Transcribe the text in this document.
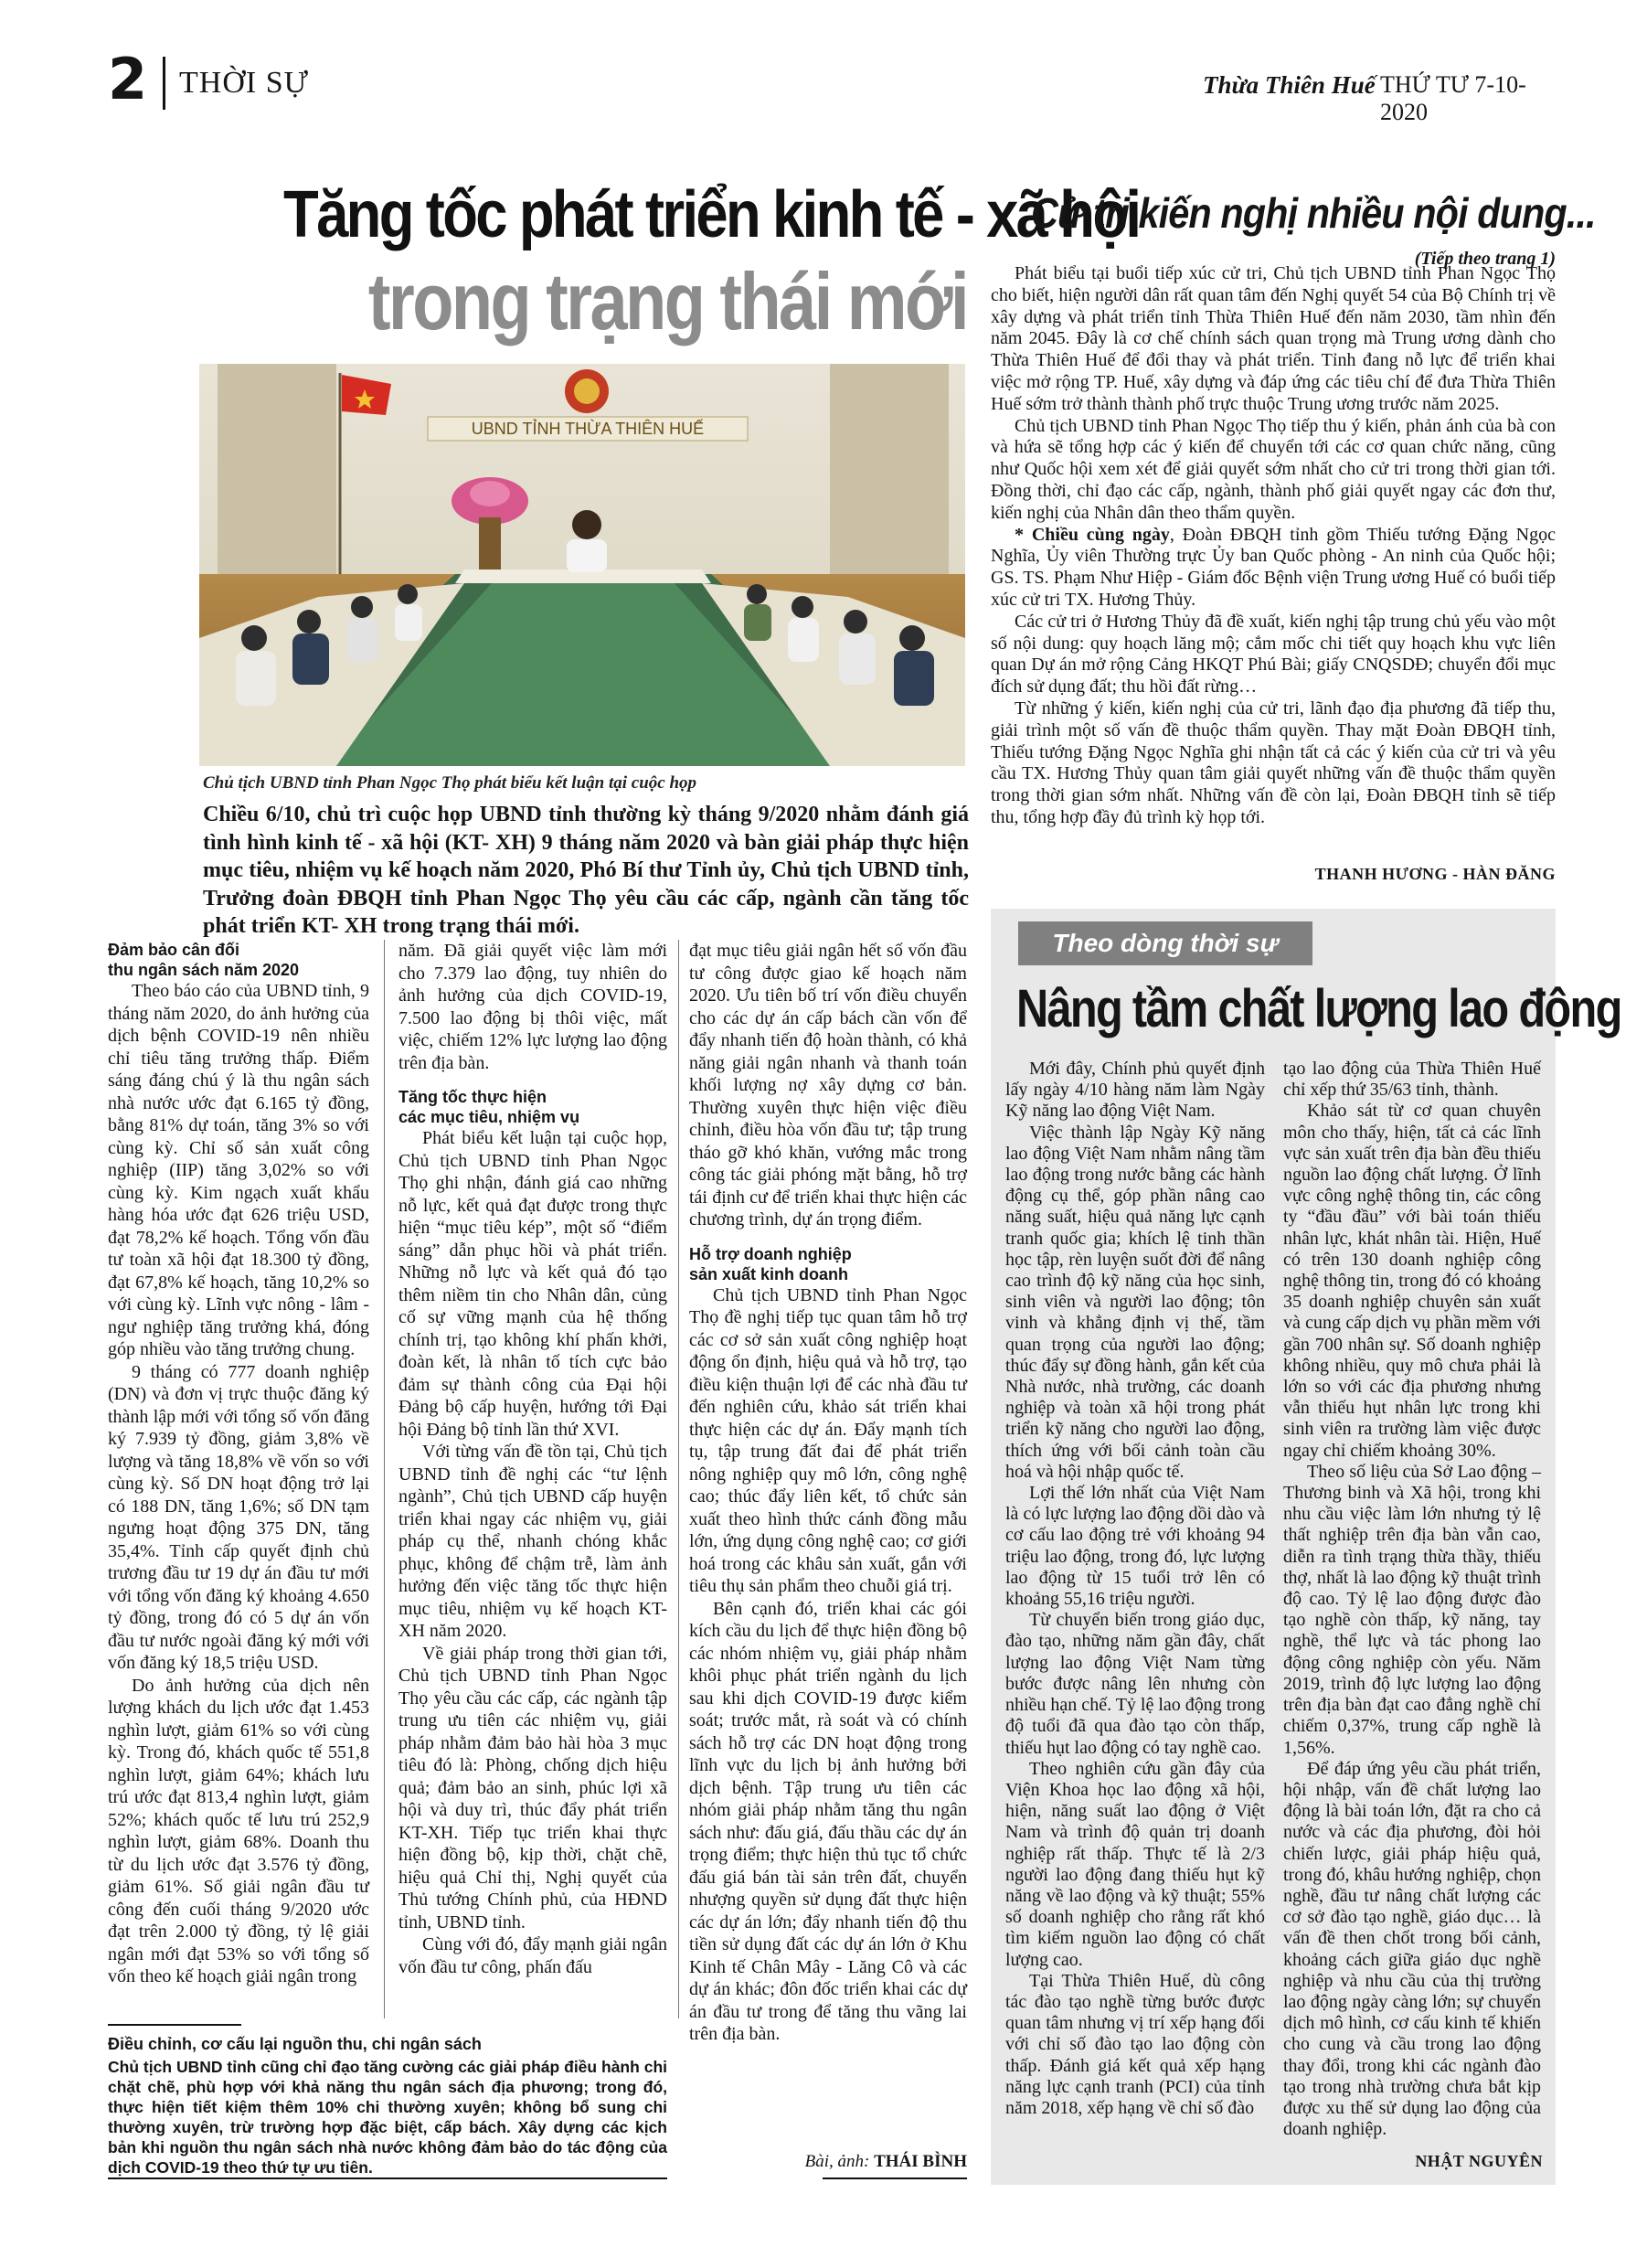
2 THỜI SỰ	Thừa Thiên Huế THỨ TƯ 7-10-2020
Tăng tốc phát triển kinh tế - xã hội
trong trạng thái mới
UBND TỈNH THỪA THIÊN HUẾ
Chủ tịch UBND tỉnh Phan Ngọc Thọ phát biểu kết luận tại cuộc họp

Chiều 6/10, chủ trì cuộc họp UBND tỉnh thường kỳ tháng 9/2020 nhằm đánh giá tình hình kinh tế - xã hội (KT- XH) 9 tháng năm 2020 và bàn giải pháp thực hiện mục tiêu, nhiệm vụ kế hoạch năm 2020, Phó Bí thư Tỉnh ủy, Chủ tịch UBND tỉnh, Trưởng đoàn ĐBQH tỉnh Phan Ngọc Thọ yêu cầu các cấp, ngành cần tăng tốc phát triển KT- XH trong trạng thái mới.

Đảm bảo cân đối

thu ngân sách năm 2020

Theo báo cáo của UBND tỉnh, 9 tháng năm 2020, do ảnh hưởng của dịch bệnh COVID-19 nên nhiều chỉ tiêu tăng trưởng thấp. Điểm sáng đáng chú ý là thu ngân sách nhà nước ước đạt 6.165 tỷ đồng, bằng 81% dự toán, tăng 3% so với cùng kỳ. Chỉ số sản xuất công nghiệp (IIP) tăng 3,02% so với cùng kỳ. Kim ngạch xuất khẩu hàng hóa ước đạt 626 triệu USD, đạt 78,2% kế hoạch. Tổng vốn đầu tư toàn xã hội đạt 18.300 tỷ đồng, đạt 67,8% kế hoạch, tăng 10,2% so với cùng kỳ. Lĩnh vực nông - lâm - ngư nghiệp tăng trưởng khá, đóng góp nhiều vào tăng trưởng chung.

9 tháng có 777 doanh nghiệp (DN) và đơn vị trực thuộc đăng ký thành lập mới với tổng số vốn đăng ký 7.939 tỷ đồng, giảm 3,8% về lượng và tăng 18,8% về vốn so với cùng kỳ. Số DN hoạt động trở lại có 188 DN, tăng 1,6%; số DN tạm ngưng hoạt động 375 DN, tăng 35,4%. Tỉnh cấp quyết định chủ trương đầu tư 19 dự án đầu tư mới với tổng vốn đăng ký khoảng 4.650 tỷ đồng, trong đó có 5 dự án vốn đầu tư nước ngoài đăng ký mới với vốn đăng ký 18,5 triệu USD.

Do ảnh hưởng của dịch nên lượng khách du lịch ước đạt 1.453 nghìn lượt, giảm 61% so với cùng kỳ. Trong đó, khách quốc tế 551,8 nghìn lượt, giảm 64%; khách lưu trú ước đạt 813,4 nghìn lượt, giảm 52%; khách quốc tế lưu trú 252,9 nghìn lượt, giảm 68%. Doanh thu từ du lịch ước đạt 3.576 tỷ đồng, giảm 61%. Số giải ngân đầu tư công đến cuối tháng 9/2020 ước đạt trên 2.000 tỷ đồng, tỷ lệ giải ngân mới đạt 53% so với tổng số vốn theo kế hoạch giải ngân trong

năm. Đã giải quyết việc làm mới cho 7.379 lao động, tuy nhiên do ảnh hưởng của dịch COVID-19, 7.500 lao động bị thôi việc, mất việc, chiếm 12% lực lượng lao động trên địa bàn.

Tăng tốc thực hiện

các mục tiêu, nhiệm vụ

Phát biểu kết luận tại cuộc họp, Chủ tịch UBND tỉnh Phan Ngọc Thọ ghi nhận, đánh giá cao những nỗ lực, kết quả đạt được trong thực hiện “mục tiêu kép”, một số “điểm sáng” dẫn phục hồi và phát triển. Những nỗ lực và kết quả đó tạo thêm niềm tin cho Nhân dân, củng cố sự vững mạnh của hệ thống chính trị, tạo không khí phấn khởi, đoàn kết, là nhân tố tích cực bảo đảm sự thành công của Đại hội Đảng bộ cấp huyện, hướng tới Đại hội Đảng bộ tỉnh lần thứ XVI.

Với từng vấn đề tồn tại, Chủ tịch UBND tỉnh đề nghị các “tư lệnh ngành”, Chủ tịch UBND cấp huyện triển khai ngay các nhiệm vụ, giải pháp cụ thể, nhanh chóng khắc phục, không để chậm trễ, làm ảnh hưởng đến việc tăng tốc thực hiện mục tiêu, nhiệm vụ kế hoạch KT-XH năm 2020.

Về giải pháp trong thời gian tới, Chủ tịch UBND tỉnh Phan Ngọc Thọ yêu cầu các cấp, các ngành tập trung ưu tiên các nhiệm vụ, giải pháp nhằm đảm bảo hài hòa 3 mục tiêu đó là: Phòng, chống dịch hiệu quả; đảm bảo an sinh, phúc lợi xã hội và duy trì, thúc đẩy phát triển KT-XH. Tiếp tục triển khai thực hiện đồng bộ, kịp thời, chặt chẽ, hiệu quả Chỉ thị, Nghị quyết của Thủ tướng Chính phủ, của HĐND tỉnh, UBND tỉnh.

Cùng với đó, đẩy mạnh giải ngân vốn đầu tư công, phấn đấu

đạt mục tiêu giải ngân hết số vốn đầu tư công được giao kế hoạch năm 2020. Ưu tiên bố trí vốn điều chuyển cho các dự án cấp bách cần vốn để đẩy nhanh tiến độ hoàn thành, có khả năng giải ngân nhanh và thanh toán khối lượng nợ xây dựng cơ bản. Thường xuyên thực hiện việc điều chỉnh, điều hòa vốn đầu tư; tập trung tháo gỡ khó khăn, vướng mắc trong công tác giải phóng mặt bằng, hỗ trợ tái định cư để triển khai thực hiện các chương trình, dự án trọng điểm.

Hỗ trợ doanh nghiệp

sản xuất kinh doanh

Chủ tịch UBND tỉnh Phan Ngọc Thọ đề nghị tiếp tục quan tâm hỗ trợ các cơ sở sản xuất công nghiệp hoạt động ổn định, hiệu quả và hỗ trợ, tạo điều kiện thuận lợi để các nhà đầu tư đến nghiên cứu, khảo sát triển khai thực hiện các dự án. Đẩy mạnh tích tụ, tập trung đất đai để phát triển nông nghiệp quy mô lớn, công nghệ cao; thúc đẩy liên kết, tổ chức sản xuất theo hình thức cánh đồng mẫu lớn, ứng dụng công nghệ cao; cơ giới hoá trong các khâu sản xuất, gắn với tiêu thụ sản phẩm theo chuỗi giá trị.

Bên cạnh đó, triển khai các gói kích cầu du lịch để thực hiện đồng bộ các nhóm nhiệm vụ, giải pháp nhằm khôi phục phát triển ngành du lịch sau khi dịch COVID-19 được kiểm soát; trước mắt, rà soát và có chính sách hỗ trợ các DN hoạt động trong lĩnh vực du lịch bị ảnh hưởng bởi dịch bệnh. Tập trung ưu tiên các nhóm giải pháp nhằm tăng thu ngân sách như: đấu giá, đấu thầu các dự án trọng điểm; thực hiện thủ tục tổ chức đấu giá bán tài sản trên đất, chuyển nhượng quyền sử dụng đất thực hiện các dự án lớn; đẩy nhanh tiến độ thu tiền sử dụng đất các dự án lớn ở Khu Kinh tế Chân Mây - Lăng Cô và các dự án khác; đôn đốc triển khai các dự án đầu tư trong để tăng thu vãng lai trên địa bàn.

Điều chỉnh, cơ cấu lại nguồn thu, chi ngân sách

Chủ tịch UBND tỉnh cũng chỉ đạo tăng cường các giải pháp điều hành chi chặt chẽ, phù hợp với khả năng thu ngân sách địa phương; trong đó, thực hiện tiết kiệm thêm 10% chi thường xuyên; không bổ sung chi thường xuyên, trừ trường hợp đặc biệt, cấp bách. Xây dựng các kịch bản khi nguồn thu ngân sách nhà nước không đảm bảo do tác động của dịch COVID-19 theo thứ tự ưu tiên.	Bài, ảnh: THÁI BÌNH

Cử tri kiến nghị nhiều nội dung...

(Tiếp theo trang 1)

Phát biểu tại buổi tiếp xúc cử tri, Chủ tịch UBND tỉnh Phan Ngọc Thọ cho biết, hiện người dân rất quan tâm đến Nghị quyết 54 của Bộ Chính trị về xây dựng và phát triển tỉnh Thừa Thiên Huế đến năm 2030, tầm nhìn đến năm 2045. Đây là cơ chế chính sách quan trọng mà Trung ương dành cho Thừa Thiên Huế để đổi thay và phát triển. Tỉnh đang nỗ lực để triển khai việc mở rộng TP. Huế, xây dựng và đáp ứng các tiêu chí để đưa Thừa Thiên Huế sớm trở thành thành phố trực thuộc Trung ương trước năm 2025.

Chủ tịch UBND tỉnh Phan Ngọc Thọ tiếp thu ý kiến, phản ánh của bà con và hứa sẽ tổng hợp các ý kiến để chuyển tới các cơ quan chức năng, cũng như Quốc hội xem xét để giải quyết sớm nhất cho cử tri trong thời gian tới. Đồng thời, chỉ đạo các cấp, ngành, thành phố giải quyết ngay các đơn thư, kiến nghị của Nhân dân theo thẩm quyền.

* Chiều cùng ngày, Đoàn ĐBQH tỉnh gồm Thiếu tướng Đặng Ngọc Nghĩa, Ủy viên Thường trực Ủy ban Quốc phòng - An ninh của Quốc hội; GS. TS. Phạm Như Hiệp - Giám đốc Bệnh viện Trung ương Huế có buổi tiếp xúc cử tri TX. Hương Thủy.

Các cử tri ở Hương Thủy đã đề xuất, kiến nghị tập trung chủ yếu vào một số nội dung: quy hoạch lăng mộ; cắm mốc chi tiết quy hoạch khu vực liên quan Dự án mở rộng Cảng HKQT Phú Bài; giấy CNQSDĐ; chuyển đổi mục đích sử dụng đất; thu hồi đất rừng…

Từ những ý kiến, kiến nghị của cử tri, lãnh đạo địa phương đã tiếp thu, giải trình một số vấn đề thuộc thẩm quyền. Thay mặt Đoàn ĐBQH tỉnh, Thiếu tướng Đặng Ngọc Nghĩa ghi nhận tất cả các ý kiến của cử tri và yêu cầu TX. Hương Thủy quan tâm giải quyết những vấn đề thuộc thẩm quyền trong thời gian sớm nhất. Những vấn đề còn lại, Đoàn ĐBQH tỉnh sẽ tiếp thu, tổng hợp đầy đủ trình kỳ họp tới.

THANH HƯƠNG - HÀN ĐĂNG

Theo dòng thời sự
Nâng tầm chất lượng lao động

Mới đây, Chính phủ quyết định lấy ngày 4/10 hàng năm làm Ngày Kỹ năng lao động Việt Nam.

Việc thành lập Ngày Kỹ năng lao động Việt Nam nhằm nâng tầm lao động trong nước bằng các hành động cụ thể, góp phần nâng cao năng suất, hiệu quả năng lực cạnh tranh quốc gia; khích lệ tinh thần học tập, rèn luyện suốt đời để nâng cao trình độ kỹ năng của học sinh, sinh viên và người lao động; tôn vinh và khẳng định vị thế, tầm quan trọng của người lao động; thúc đẩy sự đồng hành, gắn kết của Nhà nước, nhà trường, các doanh nghiệp và toàn xã hội trong phát triển kỹ năng cho người lao động, thích ứng với bối cảnh toàn cầu hoá và hội nhập quốc tế.

Lợi thế lớn nhất của Việt Nam là có lực lượng lao động dồi dào và cơ cấu lao động trẻ với khoảng 94 triệu lao động, trong đó, lực lượng lao động từ 15 tuổi trở lên có khoảng 55,16 triệu người.

Từ chuyển biến trong giáo dục, đào tạo, những năm gần đây, chất lượng lao động Việt Nam từng bước được nâng lên nhưng còn nhiều hạn chế. Tỷ lệ lao động trong độ tuổi đã qua đào tạo còn thấp, thiếu hụt lao động có tay nghề cao.

Theo nghiên cứu gần đây của Viện Khoa học lao động xã hội, hiện, năng suất lao động ở Việt Nam và trình độ quản trị doanh nghiệp rất thấp. Thực tế là 2/3 người lao động đang thiếu hụt kỹ năng về lao động và kỹ thuật; 55% số doanh nghiệp cho rằng rất khó tìm kiếm nguồn lao động có chất lượng cao.

Tại Thừa Thiên Huế, dù công tác đào tạo nghề từng bước được quan tâm nhưng vị trí xếp hạng đối với chỉ số đào tạo lao động còn thấp. Đánh giá kết quả xếp hạng năng lực cạnh tranh (PCI) của tỉnh năm 2018, xếp hạng về chỉ số đào

tạo lao động của Thừa Thiên Huế chỉ xếp thứ 35/63 tỉnh, thành.

Khảo sát từ cơ quan chuyên môn cho thấy, hiện, tất cả các lĩnh vực sản xuất trên địa bàn đều thiếu nguồn lao động chất lượng. Ở lĩnh vực công nghệ thông tin, các công ty “đầu đầu” với bài toán thiếu nhân lực, khát nhân tài. Hiện, Huế có trên 130 doanh nghiệp công nghệ thông tin, trong đó có khoảng 35 doanh nghiệp chuyên sản xuất và cung cấp dịch vụ phần mềm với gần 700 nhân sự. Số doanh nghiệp không nhiều, quy mô chưa phải là lớn so với các địa phương nhưng vẫn thiếu hụt nhân lực trong khi sinh viên ra trường làm việc được ngay chỉ chiếm khoảng 30%.

Theo số liệu của Sở Lao động – Thương binh và Xã hội, trong khi nhu cầu việc làm lớn nhưng tỷ lệ thất nghiệp trên địa bàn vẫn cao, diễn ra tình trạng thừa thầy, thiếu thợ, nhất là lao động kỹ thuật trình độ cao. Tỷ lệ lao động được đào tạo nghề còn thấp, kỹ năng, tay nghề, thể lực và tác phong lao động công nghiệp còn yếu. Năm 2019, trình độ lực lượng lao động trên địa bàn đạt cao đẳng nghề chỉ chiếm 0,37%, trung cấp nghề là 1,56%.

Để đáp ứng yêu cầu phát triển, hội nhập, vấn đề chất lượng lao động là bài toán lớn, đặt ra cho cả nước và các địa phương, đòi hỏi chiến lược, giải pháp hiệu quả, trong đó, khâu hướng nghiệp, chọn nghề, đầu tư nâng chất lượng các cơ sở đào tạo nghề, giáo dục… là vấn đề then chốt trong bối cảnh, khoảng cách giữa giáo dục nghề nghiệp và nhu cầu của thị trường lao động ngày càng lớn; sự chuyển dịch mô hình, cơ cấu kinh tế khiến cho cung và cầu trong lao động thay đổi, trong khi các ngành đào tạo trong nhà trường chưa bắt kịp được xu thế sử dụng lao động của doanh nghiệp.

NHẬT NGUYÊN
